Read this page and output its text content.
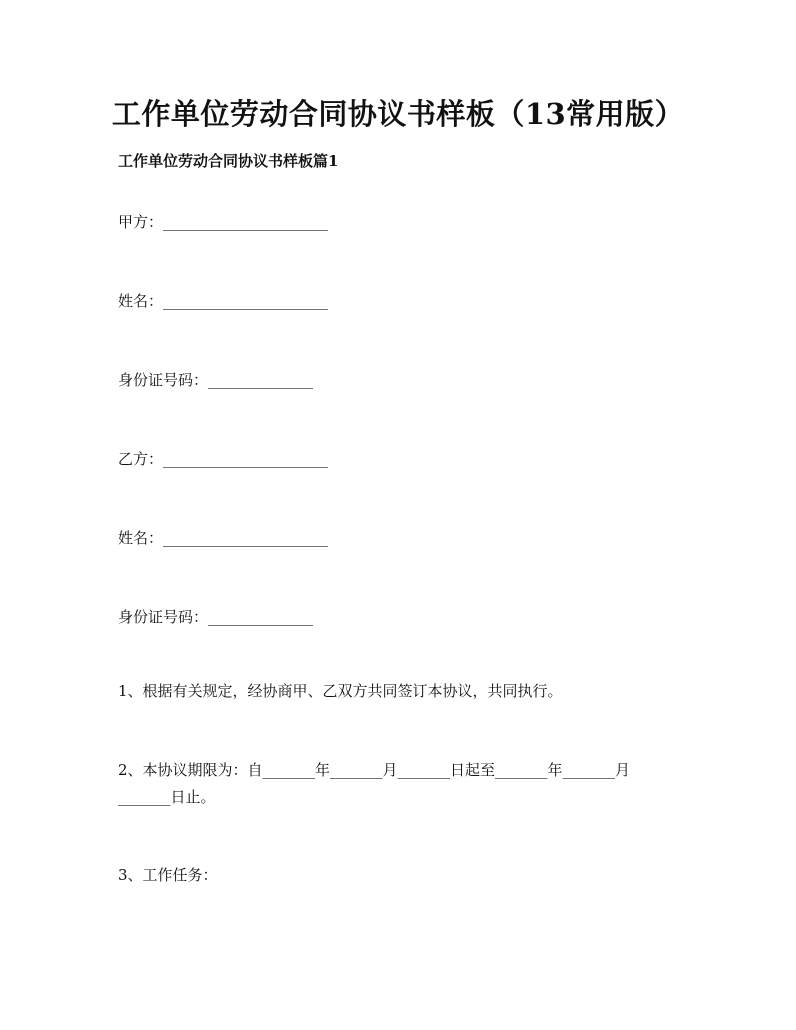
工作单位劳动合同协议书样板（13常用版）

工作单位劳动合同协议书样板篇1

甲方：______________________

姓名：______________________

身份证号码：______________

乙方：______________________

姓名：______________________

身份证号码：______________

1、根据有关规定，经协商甲、乙双方共同签订本协议，共同执行。

2、本协议期限为：自_______年_______月_______日起至_______年_______月_______日止。

3、工作任务：
